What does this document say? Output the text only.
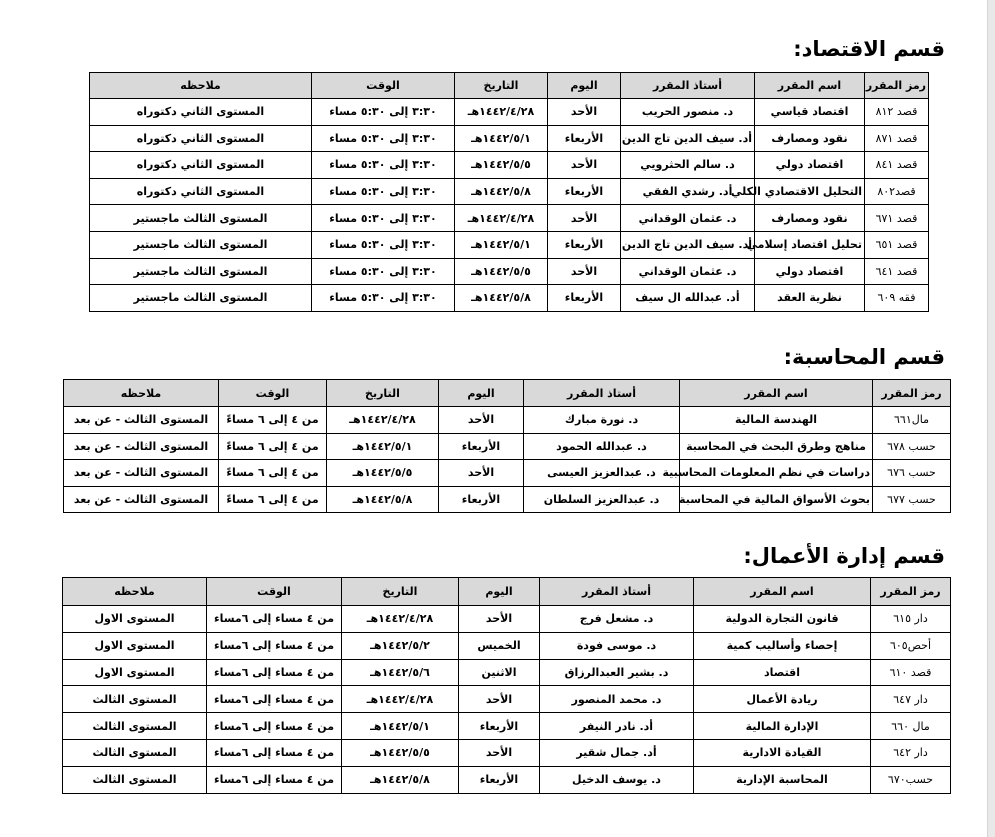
قسم الاقتصاد:
رمز المقرر	اسم المقرر	أستاذ المقرر	اليوم	التاريخ	الوقت	ملاحظه
قصد ٨١٢	اقتصاد قياسي	د. منصور الحريب	الأحد	١٤٤٢/٤/٢٨هـ	٣:٣٠ إلى ٥:٣٠ مساء	المستوى الثاني دكتوراه
قصد ٨٧١	نقود ومصارف	أد. سيف الدين تاج الدين	الأربعاء	١٤٤٢/٥/١هـ	٣:٣٠ إلى ٥:٣٠ مساء	المستوى الثاني دكتوراه
قصد ٨٤١	اقتصاد دولي	د. سالم الحثرويي	الأحد	١٤٤٢/٥/٥هـ	٣:٣٠ إلى ٥:٣٠ مساء	المستوى الثاني دكتوراه
قصد٨٠٢	التحليل الاقتصادي الكلي	أد. رشدي الفقي	الأربعاء	١٤٤٢/٥/٨هـ	٣:٣٠ إلى ٥:٣٠ مساء	المستوى الثاني دكتوراه
قصد ٦٧١	نقود ومصارف	د. عثمان الوقداني	الأحد	١٤٤٢/٤/٢٨هـ	٣:٣٠ إلى ٥:٣٠ مساء	المستوى الثالث ماجستير
قصد ٦٥١	تحليل اقتصاد إسلامي	أد. سيف الدين تاج الدين	الأربعاء	١٤٤٢/٥/١هـ	٣:٣٠ إلى ٥:٣٠ مساء	المستوى الثالث ماجستير
قصد ٦٤١	اقتصاد دولي	د. عثمان الوقداني	الأحد	١٤٤٢/٥/٥هـ	٣:٣٠ إلى ٥:٣٠ مساء	المستوى الثالث ماجستير
فقه ٦٠٩	نظرية العقد	أد. عبدالله ال سيف	الأربعاء	١٤٤٢/٥/٨هـ	٣:٣٠ إلى ٥:٣٠ مساء	المستوى الثالث ماجستير
قسم المحاسبة:
رمز المقرر	اسم المقرر	أستاذ المقرر	اليوم	التاريخ	الوقت	ملاحظه
مال٦٦١	الهندسة المالية	د. نورة مبارك	الأحد	١٤٤٢/٤/٢٨هـ	من ٤ إلى ٦ مساءً	المستوى الثالث - عن بعد
حسب ٦٧٨	مناهج وطرق البحث في المحاسبة	د. عبدالله الحمود	الأربعاء	١٤٤٢/٥/١هـ	من ٤ إلى ٦ مساءً	المستوى الثالث - عن بعد
حسب ٦٧٦	دراسات في نظم المعلومات المحاسبية	د. عبدالعزيز العيسى	الأحد	١٤٤٢/٥/٥هـ	من ٤ إلى ٦ مساءً	المستوى الثالث - عن بعد
حسب ٦٧٧	بحوث الأسواق المالية في المحاسبة	د. عبدالعزيز السلطان	الأربعاء	١٤٤٢/٥/٨هـ	من ٤ إلى ٦ مساءً	المستوى الثالث - عن بعد
قسم إدارة الأعمال:
رمز المقرر	اسم المقرر	أستاذ المقرر	اليوم	التاريخ	الوقت	ملاحظه
دار ٦١٥	قانون التجارة الدولية	د. مشعل فرج	الأحد	١٤٤٢/٤/٢٨هـ	من ٤ مساء إلى ٦مساء	المستوى الاول
أحص٦٠٥	إحصاء وأساليب كمية	د. موسى فودة	الخميس	١٤٤٢/٥/٢هـ	من ٤ مساء إلى ٦مساء	المستوى الاول
قصد ٦١٠	اقتصاد	د. بشير العبدالرزاق	الاثنين	١٤٤٢/٥/٦هـ	من ٤ مساء إلى ٦مساء	المستوى الاول
دار ٦٤٧	ريادة الأعمال	د. محمد المنصور	الأحد	١٤٤٢/٤/٢٨هـ	من ٤ مساء إلى ٦مساء	المستوى الثالث
مال ٦٦٠	الإدارة المالية	أد. نادر النيفر	الأربعاء	١٤٤٢/٥/١هـ	من ٤ مساء إلى ٦مساء	المستوى الثالث
دار ٦٤٢	القيادة الادارية	أد. جمال شقير	الأحد	١٤٤٢/٥/٥هـ	من ٤ مساء إلى ٦مساء	المستوى الثالث
حسب٦٧٠	المحاسبة الإدارية	د. يوسف الدخيل	الأربعاء	١٤٤٢/٥/٨هـ	من ٤ مساء إلى ٦مساء	المستوى الثالث
